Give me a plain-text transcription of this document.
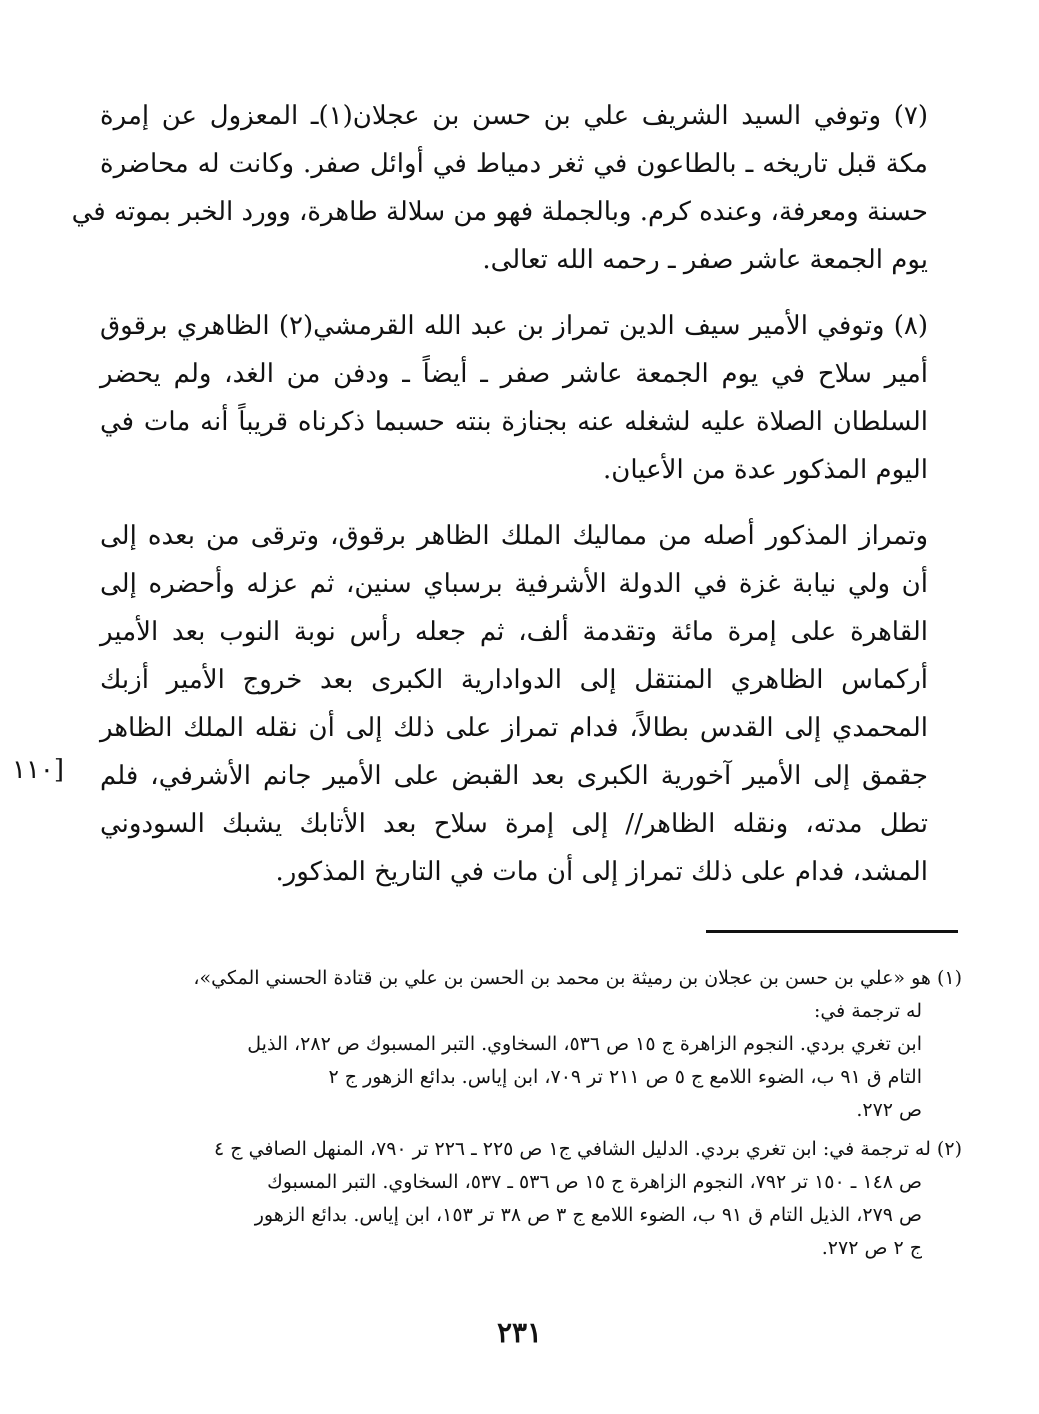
(٧) وتوفي السيد الشريف علي بن حسن بن عجلان(١)ـ المعزول عن إمرة
مكة قبل تاريخه ـ بالطاعون في ثغر دمياط في أوائل صفر. وكانت له محاضرة
حسنة ومعرفة، وعنده كرم. وبالجملة فهو من سلالة طاهرة، وورد الخبر بموته في
يوم الجمعة عاشر صفر ـ رحمه الله تعالى.

(٨) وتوفي الأمير سيف الدين تمراز بن عبد الله القرمشي(٢) الظاهري برقوق
أمير سلاح في يوم الجمعة عاشر صفر ـ أيضاً ـ ودفن من الغد، ولم يحضر
السلطان الصلاة عليه لشغله عنه بجنازة بنته حسبما ذكرناه قريباً أنه مات في
اليوم المذكور عدة من الأعيان.

وتمراز المذكور أصله من مماليك الملك الظاهر برقوق، وترقى من بعده إلى
أن ولي نيابة غزة في الدولة الأشرفية برسباي سنين، ثم عزله وأحضره إلى
القاهرة على إمرة مائة وتقدمة ألف، ثم جعله رأس نوبة النوب بعد الأمير
أركماس الظاهري المنتقل إلى الدوادارية الكبرى بعد خروج الأمير أزبك
المحمدي إلى القدس بطالاً، فدام تمراز على ذلك إلى أن نقله الملك الظاهر
جقمق إلى الأمير آخورية الكبرى بعد القبض على الأمير جانم الأشرفي، فلم
تطل مدته، ونقله الظاهر// إلى إمرة سلاح بعد الأتابك يشبك السودوني
المشد، فدام على ذلك تمراز إلى أن مات في التاريخ المذكور.

[١١٠
(١) هو «علي بن حسن بن عجلان بن رميثة بن محمد بن الحسن بن علي بن قتادة الحسني المكي»،
له ترجمة في:
ابن تغري بردي. النجوم الزاهرة ج ١٥ ص ٥٣٦، السخاوي. التبر المسبوك ص ٢٨٢، الذيل
التام ق ٩١ ب، الضوء اللامع ج ٥ ص ٢١١ تر ٧٠٩، ابن إياس. بدائع الزهور ج ٢
ص ٢٧٢.
(٢) له ترجمة في: ابن تغري بردي. الدليل الشافي ج١ ص ٢٢٥ ـ ٢٢٦ تر ٧٩٠، المنهل الصافي ج ٤
ص ١٤٨ ـ ١٥٠ تر ٧٩٢، النجوم الزاهرة ج ١٥ ص ٥٣٦ ـ ٥٣٧، السخاوي. التبر المسبوك
ص ٢٧٩، الذيل التام ق ٩١ ب، الضوء اللامع ج ٣ ص ٣٨ تر ١٥٣، ابن إياس. بدائع الزهور
ج ٢ ص ٢٧٢.
٢٣١
